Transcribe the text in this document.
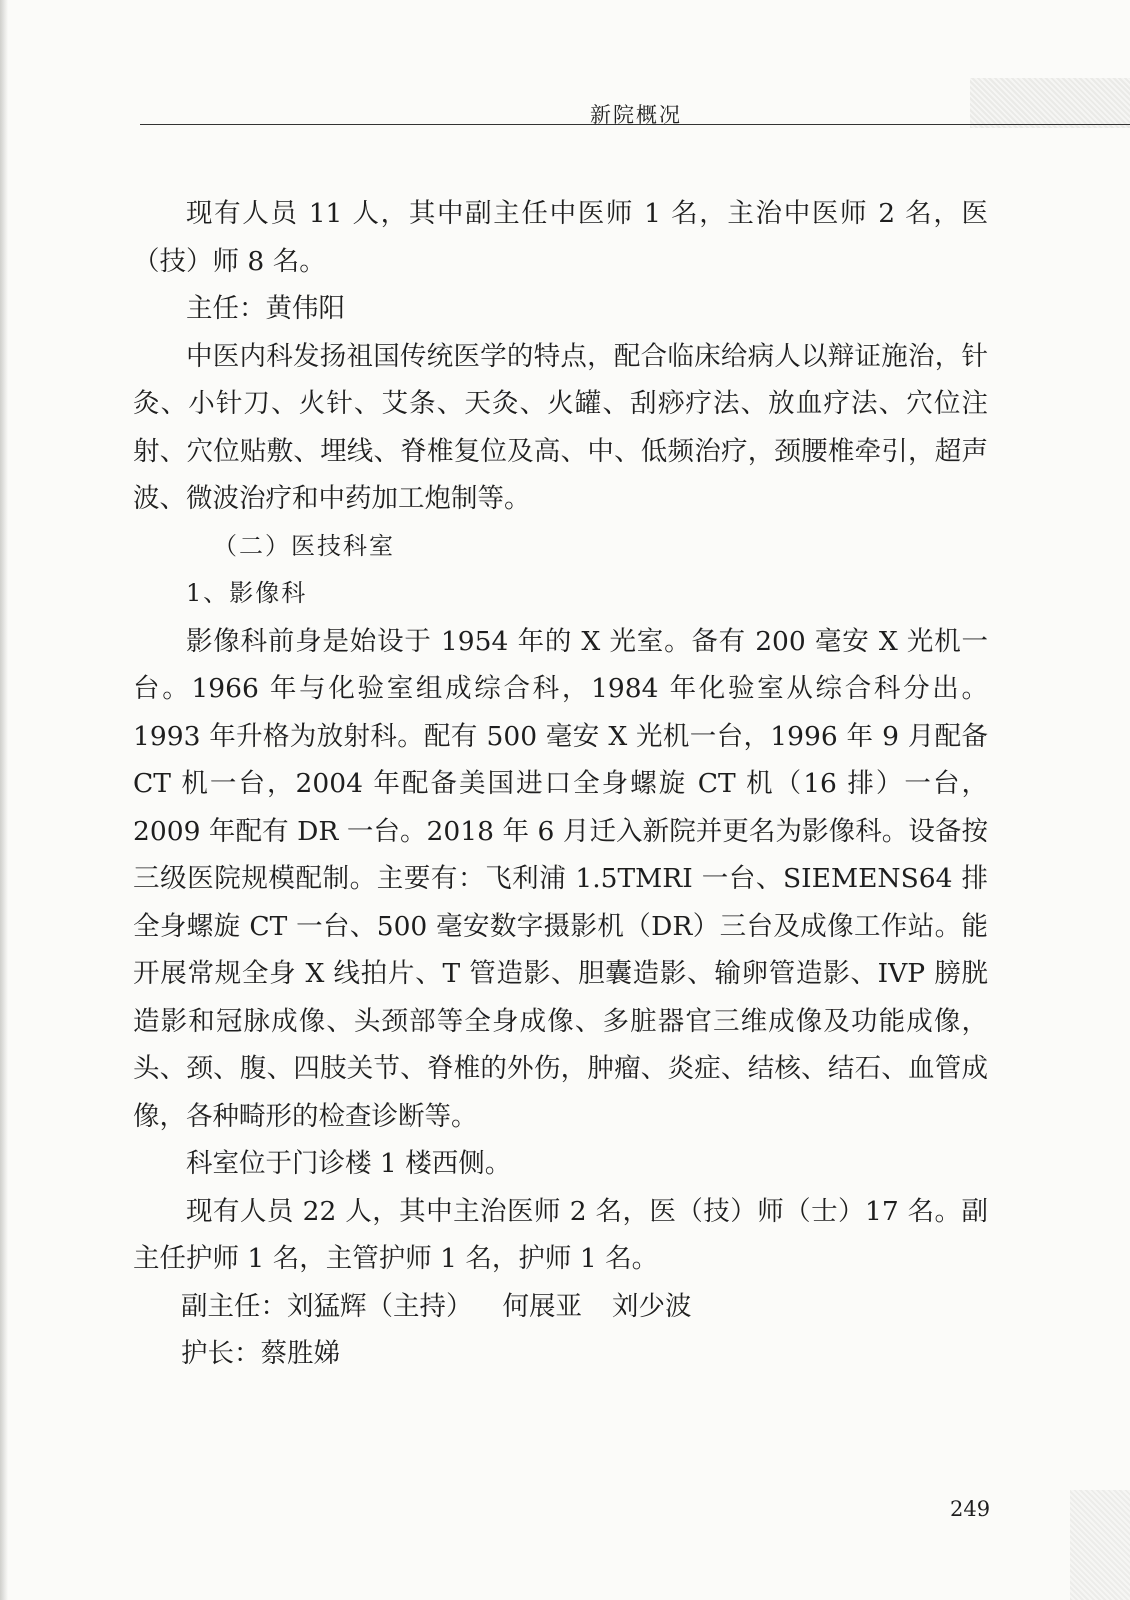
新院概况

现有人员 11 人，其中副主任中医师 1 名，主治中医师 2 名，医（技）师 8 名。

主任：黄伟阳

中医内科发扬祖国传统医学的特点，配合临床给病人以辩证施治，针灸、小针刀、火针、艾条、天灸、火罐、刮痧疗法、放血疗法、穴位注射、穴位贴敷、埋线、脊椎复位及高、中、低频治疗，颈腰椎牵引，超声波、微波治疗和中药加工炮制等。

（二）医技科室

1、影像科

影像科前身是始设于 1954 年的 X 光室。备有 200 毫安 X 光机一台。1966 年与化验室组成综合科，1984 年化验室从综合科分出。1993 年升格为放射科。配有 500 毫安 X 光机一台，1996 年 9 月配备 CT 机一台，2004 年配备美国进口全身螺旋 CT 机（16 排）一台，2009 年配有 DR 一台。2018 年 6 月迁入新院并更名为影像科。设备按三级医院规模配制。主要有：飞利浦 1.5TMRI 一台、SIEMENS64 排全身螺旋 CT 一台、500 毫安数字摄影机（DR）三台及成像工作站。能开展常规全身 X 线拍片、T 管造影、胆囊造影、输卵管造影、IVP 膀胱造影和冠脉成像、头颈部等全身成像、多脏器官三维成像及功能成像，头、颈、腹、四肢关节、脊椎的外伤，肿瘤、炎症、结核、结石、血管成像，各种畸形的检查诊断等。

科室位于门诊楼 1 楼西侧。

现有人员 22 人，其中主治医师 2 名，医（技）师（士）17 名。副主任护师 1 名，主管护师 1 名，护师 1 名。

副主任：刘猛辉（主持） 何展亚 刘少波

护长：蔡胜娣

249
